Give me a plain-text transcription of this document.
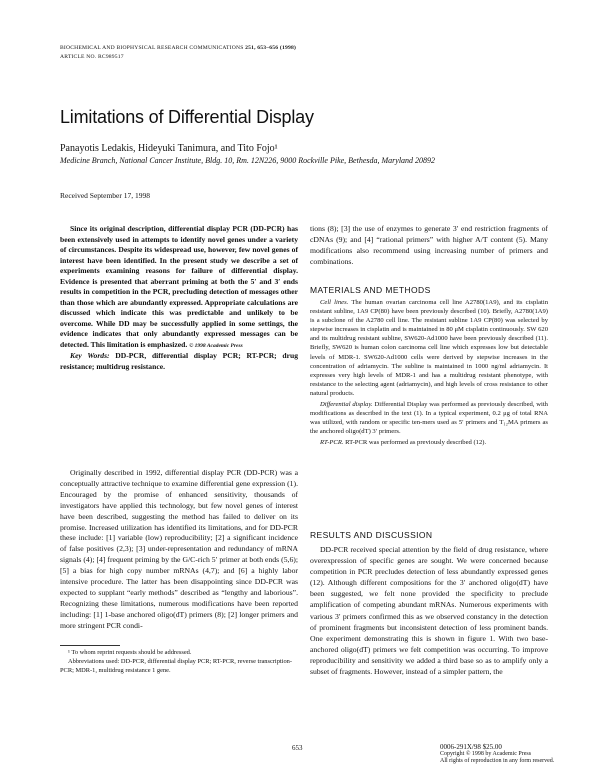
BIOCHEMICAL AND BIOPHYSICAL RESEARCH COMMUNICATIONS 251, 653–656 (1998)
ARTICLE NO. RC989517
Limitations of Differential Display
Panayotis Ledakis, Hideyuki Tanimura, and Tito Fojo¹
Medicine Branch, National Cancer Institute, Bldg. 10, Rm. 12N226, 9000 Rockville Pike, Bethesda, Maryland 20892
Received September 17, 1998

Since its original description, differential display PCR (DD-PCR) has been extensively used in attempts to identify novel genes under a variety of circumstances. Despite its widespread use, however, few novel genes of interest have been identified. In the present study we describe a set of experiments examining reasons for failure of differential display. Evidence is presented that aberrant priming at both the 5′ and 3′ ends results in competition in the PCR, precluding detection of messages other than those which are abundantly expressed. Appropriate calculations are discussed which indicate this was predictable and unlikely to be overcome. While DD may be successfully applied in some settings, the evidence indicates that only abundantly expressed messages can be detected. This limitation is emphasized. © 1998 Academic Press

Key Words: DD-PCR, differential display PCR; RT-PCR; drug resistance; multidrug resistance.

Originally described in 1992, differential display PCR (DD-PCR) was a conceptually attractive technique to examine differential gene expression (1). Encouraged by the promise of enhanced sensitivity, thousands of investigators have applied this technology, but few novel genes of interest have been described, suggesting the method has failed to deliver on its promise. Increased utilization has identified its limitations, and for DD-PCR these include: [1] variable (low) reproducibility; [2] a significant incidence of false positives (2,3); [3] under-representation and redundancy of mRNA signals (4); [4] frequent priming by the G/C-rich 5′ primer at both ends (5,6); [5] a bias for high copy number mRNAs (4,7); and [6] a highly labor intensive procedure. The latter has been disappointing since DD-PCR was expected to supplant “early methods” described as “lengthy and laborious”. Recognizing these limitations, numerous modifications have been reported including: [1] 1-base anchored oligo(dT) primers (8); [2] longer primers and more stringent PCR condi-

¹ To whom reprint requests should be addressed.

Abbreviations used: DD-PCR, differential display PCR; RT-PCR, reverse transcription-PCR; MDR-1, multidrug resistance 1 gene.

tions (8); [3] the use of enzymes to generate 3′ end restriction fragments of cDNAs (9); and [4] “rational primers” with higher A/T content (5). Many modifications also recommend using increasing number of primers and combinations.

MATERIALS AND METHODS

Cell lines. The human ovarian carcinoma cell line A2780(1A9), and its cisplatin resistant subline, 1A9 CP(80) have been previously described (10). Briefly, A2780(1A9) is a subclone of the A2780 cell line. The resistant subline 1A9 CP(80) was selected by stepwise increases in cisplatin and is maintained in 80 μM cisplatin continuously. SW 620 and its multidrug resistant subline, SW620-Ad1000 have been previously described (11). Briefly, SW620 is human colon carcinoma cell line which expresses low but detectable levels of MDR-1. SW620-Ad1000 cells were derived by stepwise increases in the concentration of adriamycin. The subline is maintained in 1000 ng/ml adriamycin. It expresses very high levels of MDR-1 and has a multidrug resistant phenotype, with resistance to the selecting agent (adriamycin), and high levels of cross resistance to other natural products.

Differential display. Differential Display was performed as previously described, with modifications as described in the text (1). In a typical experiment, 0.2 μg of total RNA was utilized, with random or specific ten-mers used as 5′ primers and T₁₂MA primers as the anchored oligo(dT) 3′ primers.

RT-PCR. RT-PCR was performed as previously described (12).

RESULTS AND DISCUSSION

DD-PCR received special attention by the field of drug resistance, where overexpression of specific genes are sought. We were concerned because competition in PCR precludes detection of less abundantly expressed genes (12). Although different compositions for the 3′ anchored oligo(dT) have been suggested, we felt none provided the specificity to preclude amplification of competing abundant mRNAs. Numerous experiments with various 3′ primers confirmed this as we observed constancy in the detection of prominent fragments but inconsistent detection of less prominent bands. One experiment demonstrating this is shown in figure 1. With two base-anchored oligo(dT) primers we felt competition was occurring. To improve reproducibility and sensitivity we added a third base so as to amplify only a subset of fragments. However, instead of a simpler pattern, the

653	0006-291X/98 $25.00
Copyright © 1998 by Academic Press
All rights of reproduction in any form reserved.
